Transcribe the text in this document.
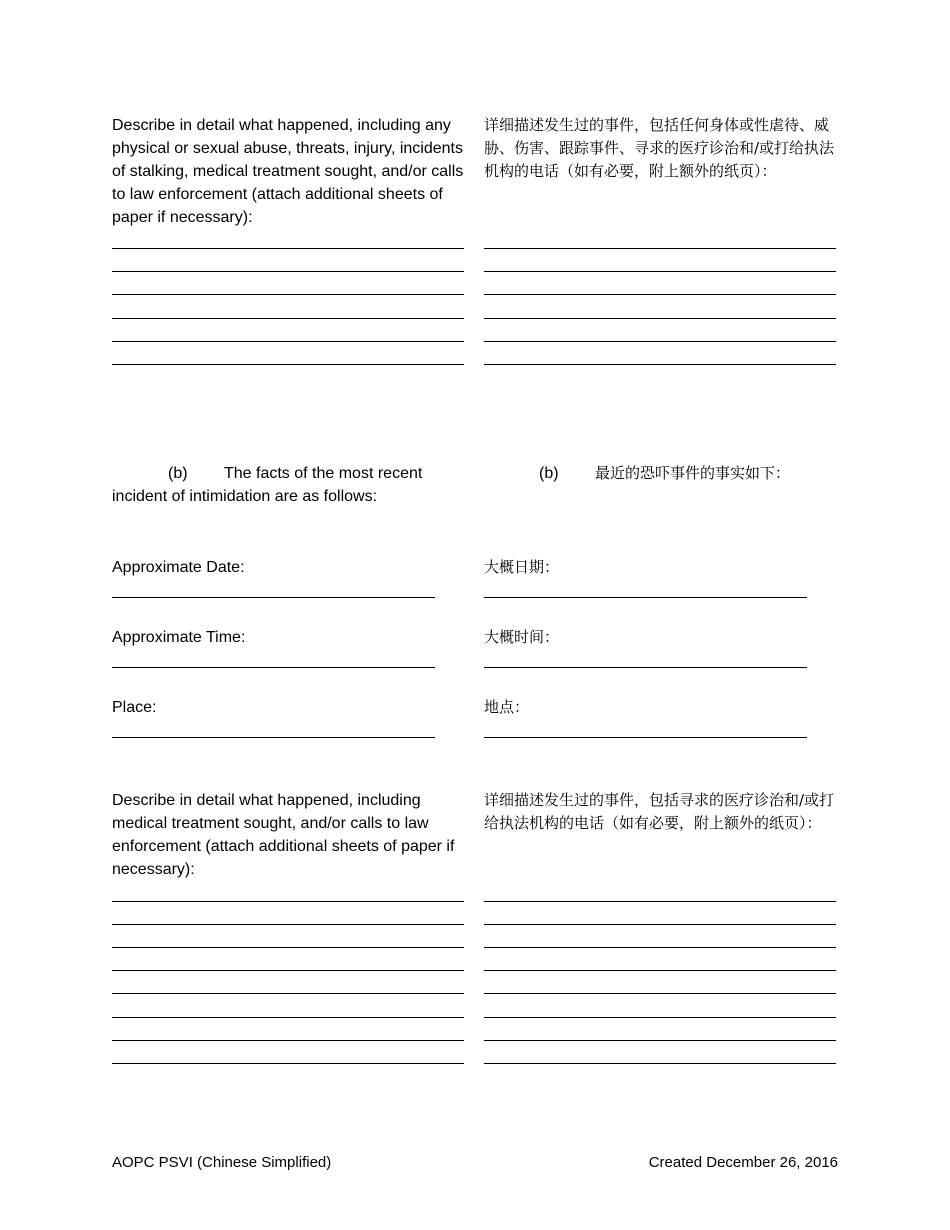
Describe in detail what happened, including any physical or sexual abuse, threats, injury, incidents of stalking, medical treatment sought, and/or calls to law enforcement (attach additional sheets of paper if necessary):

详细描述发生过的事件，包括任何身体或性虐待、威胁、伤害、跟踪事件、寻求的医疗诊治和/或打给执法机构的电话（如有必要，附上额外的纸页）：

(b) The facts of the most recent incident of intimidation are as follows:
(b) 最近的恐吓事件的事实如下：

Approximate Date:	大概日期：

Approximate Time:	大概时间：

Place:	地点：

Describe in detail what happened, including medical treatment sought, and/or calls to law enforcement (attach additional sheets of paper if necessary):

详细描述发生过的事件，包括寻求的医疗诊治和/或打给执法机构的电话（如有必要，附上额外的纸页）：

AOPC PSVI (Chinese Simplified)	Created December 26, 2016
